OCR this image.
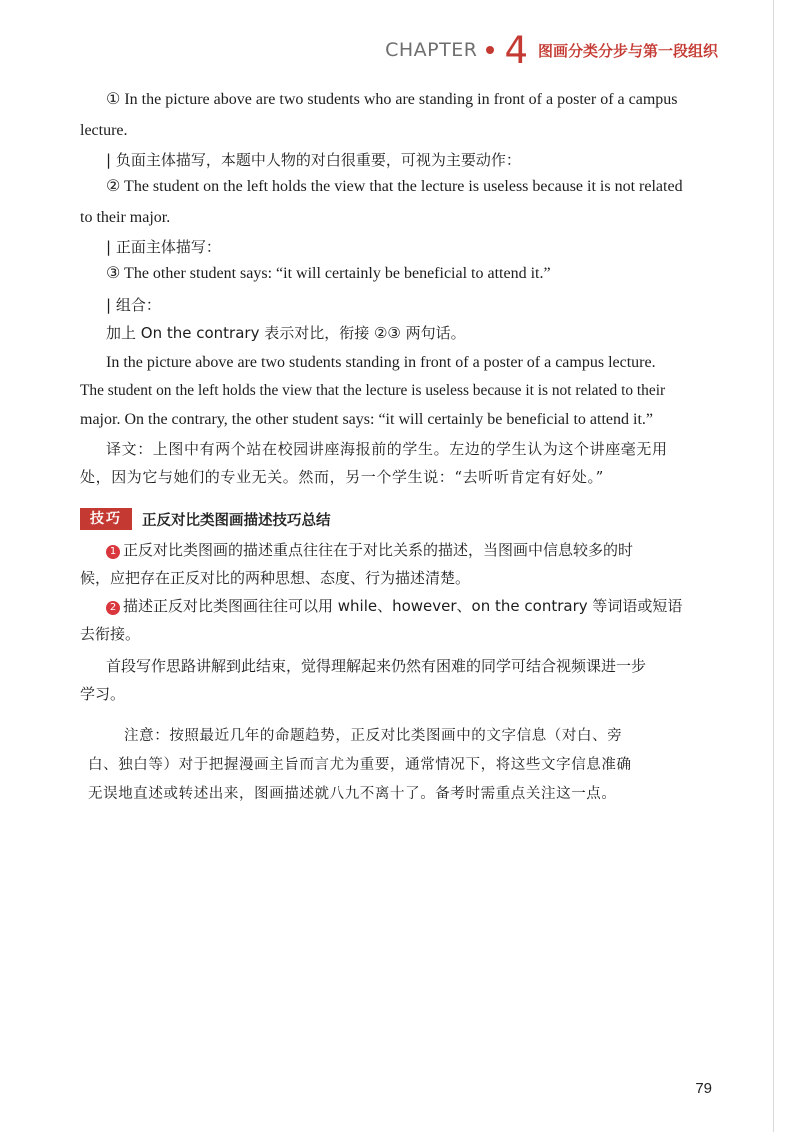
CHAPTER 4 图画分类分步与第一段组织
① In the picture above are two students who are standing in front of a poster of a campus
lecture.
| 负面主体描写，本题中人物的对白很重要，可视为主要动作：
② The student on the left holds the view that the lecture is useless because it is not related
to their major.
| 正面主体描写：
③ The other student says: “it will certainly be beneficial to attend it.”
| 组合：
加上 On the contrary 表示对比，衔接 ②③ 两句话。
In the picture above are two students standing in front of a poster of a campus lecture.
The student on the left holds the view that the lecture is useless because it is not related to their
major. On the contrary, the other student says: “it will certainly be beneficial to attend it.”
译文：上图中有两个站在校园讲座海报前的学生。左边的学生认为这个讲座毫无用
处，因为它与她们的专业无关。然而，另一个学生说：“去听听肯定有好处。”
技巧	正反对比类图画描述技巧总结
1 正反对比类图画的描述重点往往在于对比关系的描述，当图画中信息较多的时
候，应把存在正反对比的两种思想、态度、行为描述清楚。
2 描述正反对比类图画往往可以用 while、however、on the contrary 等词语或短语
去衔接。
首段写作思路讲解到此结束，觉得理解起来仍然有困难的同学可结合视频课进一步
学习。
注意：按照最近几年的命题趋势，正反对比类图画中的文字信息（对白、旁
白、独白等）对于把握漫画主旨而言尤为重要，通常情况下，将这些文字信息准确
无误地直述或转述出来，图画描述就八九不离十了。备考时需重点关注这一点。
79
